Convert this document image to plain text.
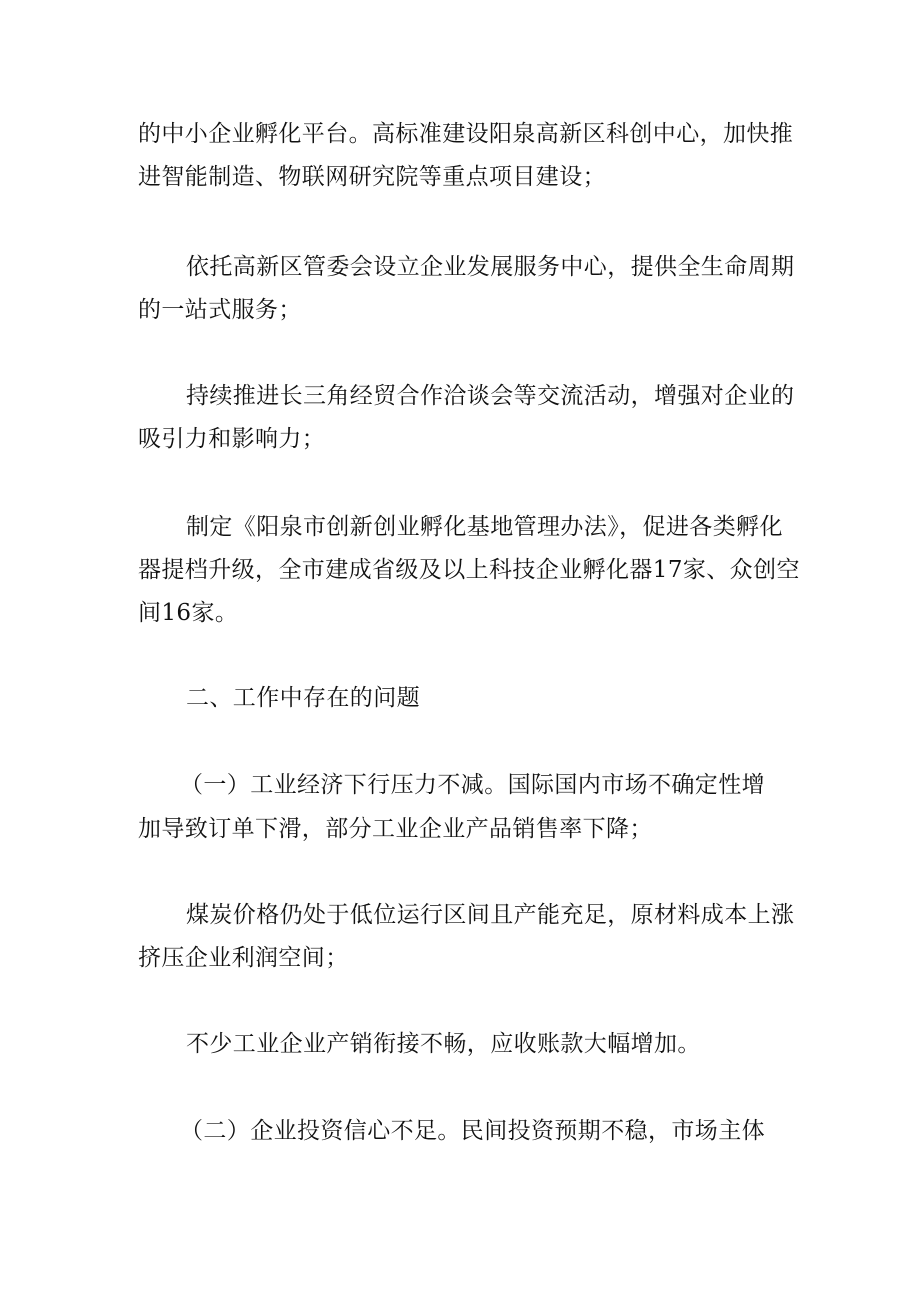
的中小企业孵化平台。高标准建设阳泉高新区科创中心，加快推
进智能制造、物联网研究院等重点项目建设；
依托高新区管委会设立企业发展服务中心，提供全生命周期
的一站式服务；
持续推进长三角经贸合作洽谈会等交流活动，增强对企业的
吸引力和影响力；
制定《阳泉市创新创业孵化基地管理办法》，促进各类孵化
器提档升级，全市建成省级及以上科技企业孵化器17家、众创空
间16家。
二、工作中存在的问题
（一）工业经济下行压力不减。国际国内市场不确定性增
加导致订单下滑，部分工业企业产品销售率下降；
煤炭价格仍处于低位运行区间且产能充足，原材料成本上涨
挤压企业利润空间；
不少工业企业产销衔接不畅，应收账款大幅增加。
（二）企业投资信心不足。民间投资预期不稳，市场主体
